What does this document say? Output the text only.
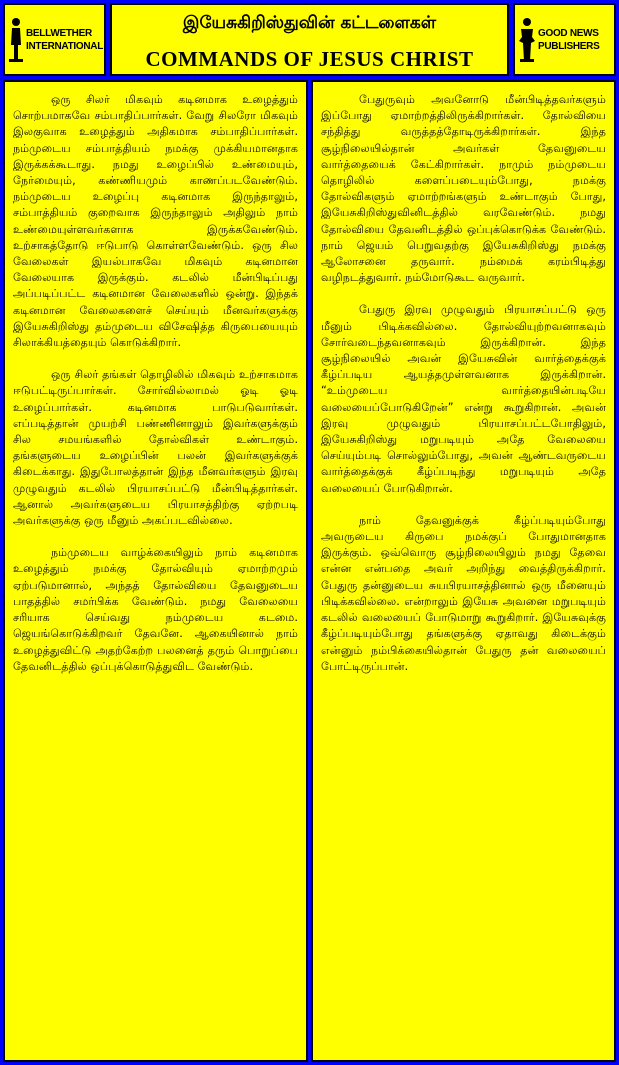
BELLWETHER
INTERNATIONAL
இயேசுகிறிஸ்துவின் கட்டளைகள்
COMMANDS OF JESUS CHRIST
GOOD NEWS
PUBLISHERS

ஒரு சிலர் மிகவும் கடினமாக உழைத்தும் சொற்பமாகவே சம்பாதிப்பார்கள். வேறு சிலரோ மிகவும் இலகுவாக உழைத்தும் அதிகமாக சம்பாதிப்பார்கள். நம்முடைய சம்பாத்தியம் நமக்கு முக்கியமானதாக இருக்கக்கூடாது. நமது உழைப்பில் உண்மையும், நேர்மையும், கண்ணியமும் காணப்படவேண்டும். நம்முடைய உழைப்பு கடினமாக இருந்தாலும், சம்பாத்தியம் குறைவாக இருந்தாலும் அதிலும் நாம் உண்மையுள்ளவர்களாக இருக்கவேண்டும். உற்சாகத்தோடு ஈடுபாடு கொள்ளவேண்டும். ஒரு சில வேலைகள் இயல்பாகவே மிகவும் கடினமான வேலையாக இருக்கும். கடலில் மீன்பிடிப்பது அப்படிப்பட்ட கடினமான வேலைகளில் ஒன்று. இந்தக் கடினமான வேலைகளைச் செய்யும் மீனவர்களுக்கு இயேசுகிறிஸ்து தம்முடைய விசேஷித்த கிருபையையும் சிலாக்கியத்தையும் கொடுக்கிறார்.

ஒரு சிலர் தங்கள் தொழிலில் மிகவும் உற்சாகமாக ஈடுபட்டிருப்பார்கள். சோர்வில்லாமல் ஓடி ஓடி உழைப்பார்கள். கடினமாக பாடுபடுவார்கள். எப்படித்தான் முயற்சி பண்ணினாலும் இவர்களுக்கும் சில சமயங்களில் தோல்விகள் உண்டாகும். தங்களுடைய உழைப்பின் பலன் இவர்களுக்குக் கிடைக்காது. இதுபோலத்தான் இந்த மீனவர்களும் இரவு முழுவதும் கடலில் பிரயாசப்பட்டு மீன்பிடித்தார்கள். ஆனால் அவர்களுடைய பிரயாசத்திற்கு ஏற்றபடி அவர்களுக்கு ஒரு மீனும் அகப்படவில்லை.

நம்முடைய வாழ்க்கையிலும் நாம் கடினமாக உழைத்தும் நமக்கு தோல்வியும் ஏமாற்றமும் ஏற்படுமானால், அந்தத் தோல்வியை தேவனுடைய பாதத்தில் சமர்பிக்க வேண்டும். நமது வேலையை சரியாக செய்வது நம்முடைய கடமை. ஜெயங்கொடுக்கிறவர் தேவனே. ஆகையினால் நாம் உழைத்துவிட்டு அதற்கேற்ற பலனைத் தரும் பொறுப்பை தேவனிடத்தில் ஒப்புக்கொடுத்துவிட வேண்டும்.

பேதுருவும் அவனோடு மீன்பிடித்தவர்களும் இப்போது ஏமாற்றத்திலிருக்கிறார்கள். தோல்வியை சந்தித்து வருத்தத்தோடிருக்கிறார்கள். இந்த சூழ்நிலையில்தான் அவர்கள் தேவனுடைய வார்த்தையைக் கேட்கிறார்கள். நாமும் நம்முடைய தொழிலில் களைப்படையும்போது, நமக்கு தோல்விகளும் ஏமாற்றங்களும் உண்டாகும் போது, இயேசுகிறிஸ்துவினிடத்தில் வரவேண்டும். நமது தோல்வியை தேவனிடத்தில் ஒப்புக்கொடுக்க வேண்டும். நாம் ஜெயம் பெறுவதற்கு இயேசுகிறிஸ்து நமக்கு ஆலோசனை தருவார். நம்மைக் கரம்பிடித்து வழிநடத்துவார். நம்மோடுகூட வருவார்.

பேதுரு இரவு முழுவதும் பிரயாசப்பட்டு ஒரு மீனும் பிடிக்கவில்லை. தோல்வியுற்றவனாகவும் சோர்வடைந்தவனாகவும் இருக்கிறான். இந்த சூழ்நிலையில் அவன் இயேசுவின் வார்த்தைக்குக் கீழ்ப்படிய ஆயத்தமுள்ளவனாக இருக்கிறான். “உம்முடைய வார்த்தையின்படியே வலையைப்போடுகிறேன்” என்று கூறுகிறான். அவன் இரவு முழுவதும் பிரயாசப்பட்டபோதிலும், இயேசுகிறிஸ்து மறுபடியும் அதே வேலையை செய்யும்படி சொல்லும்போது, அவன் ஆண்டவருடைய வார்த்தைக்குக் கீழ்ப்படிந்து மறுபடியும் அதே வலையைப் போடுகிறான்.

நாம் தேவனுக்குக் கீழ்ப்படியும்போது அவருடைய கிருபை நமக்குப் போதுமானதாக இருக்கும். ஒவ்வொரு சூழ்நிலையிலும் நமது தேவை என்ன என்பதை அவர் அறிந்து வைத்திருக்கிறார். பேதுரு தன்னுடைய சுயபிரயாசத்தினால் ஒரு மீனையும் பிடிக்கவில்லை. என்றாலும் இயேசு அவனை மறுபடியும் கடலில் வலையைப் போடுமாறு கூறுகிறார். இயேசுவுக்கு கீழ்ப்படியும்போது தங்களுக்கு ஏதாவது கிடைக்கும் என்னும் நம்பிக்கையில்தான் பேதுரு தன் வலையைப் போட்டிருப்பான்.
